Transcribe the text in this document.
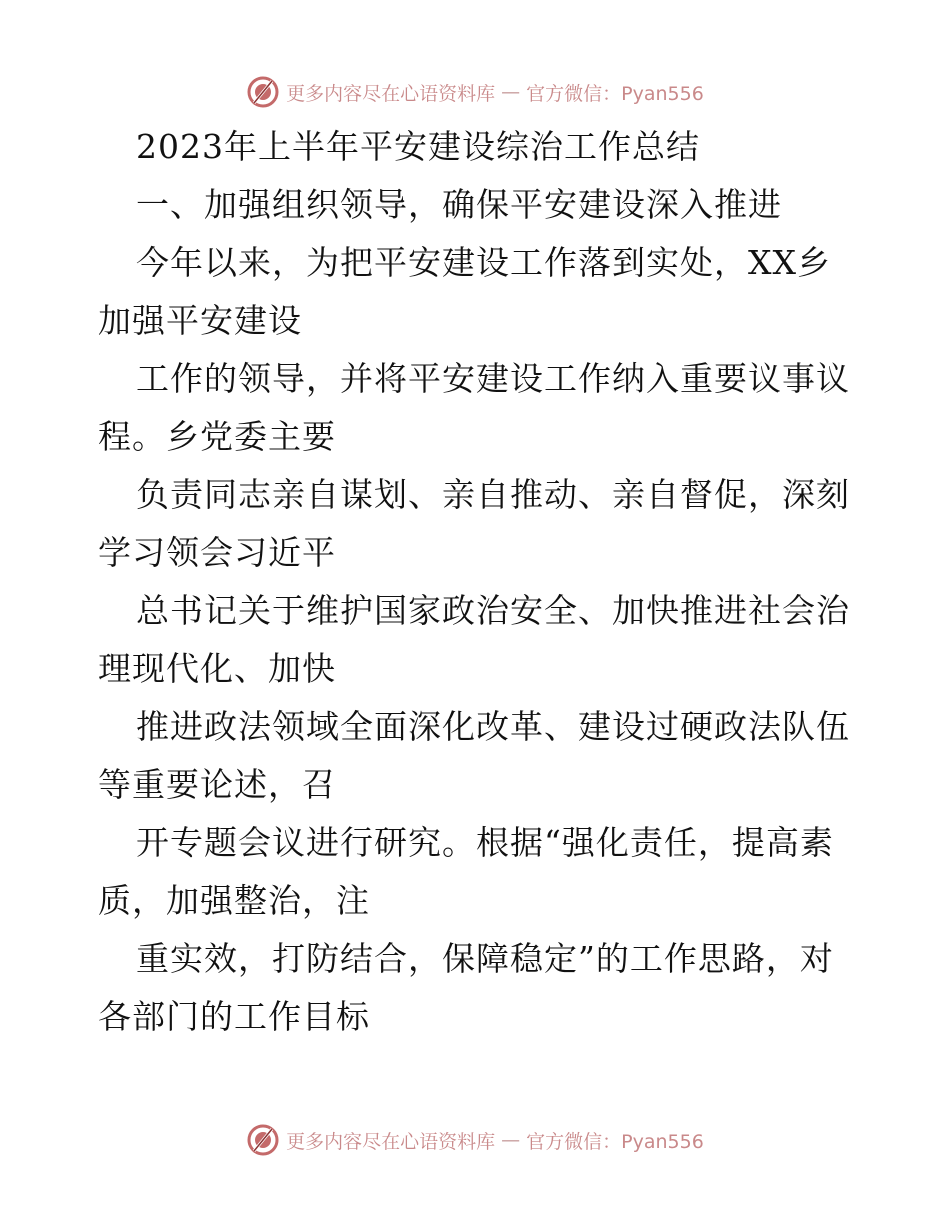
更多内容尽在心语资料库 — 官方微信：Pyan556
2023年上半年平安建设综治工作总结
一、加强组织领导，确保平安建设深入推进
今年以来，为把平安建设工作落到实处，XX乡
加强平安建设
工作的领导，并将平安建设工作纳入重要议事议
程。乡党委主要
负责同志亲自谋划、亲自推动、亲自督促，深刻
学习领会习近平
总书记关于维护国家政治安全、加快推进社会治
理现代化、加快
推进政法领域全面深化改革、建设过硬政法队伍
等重要论述，召
开专题会议进行研究。根据“强化责任，提高素
质，加强整治，注
重实效，打防结合，保障稳定”的工作思路，对
各部门的工作目标
更多内容尽在心语资料库 — 官方微信：Pyan556
